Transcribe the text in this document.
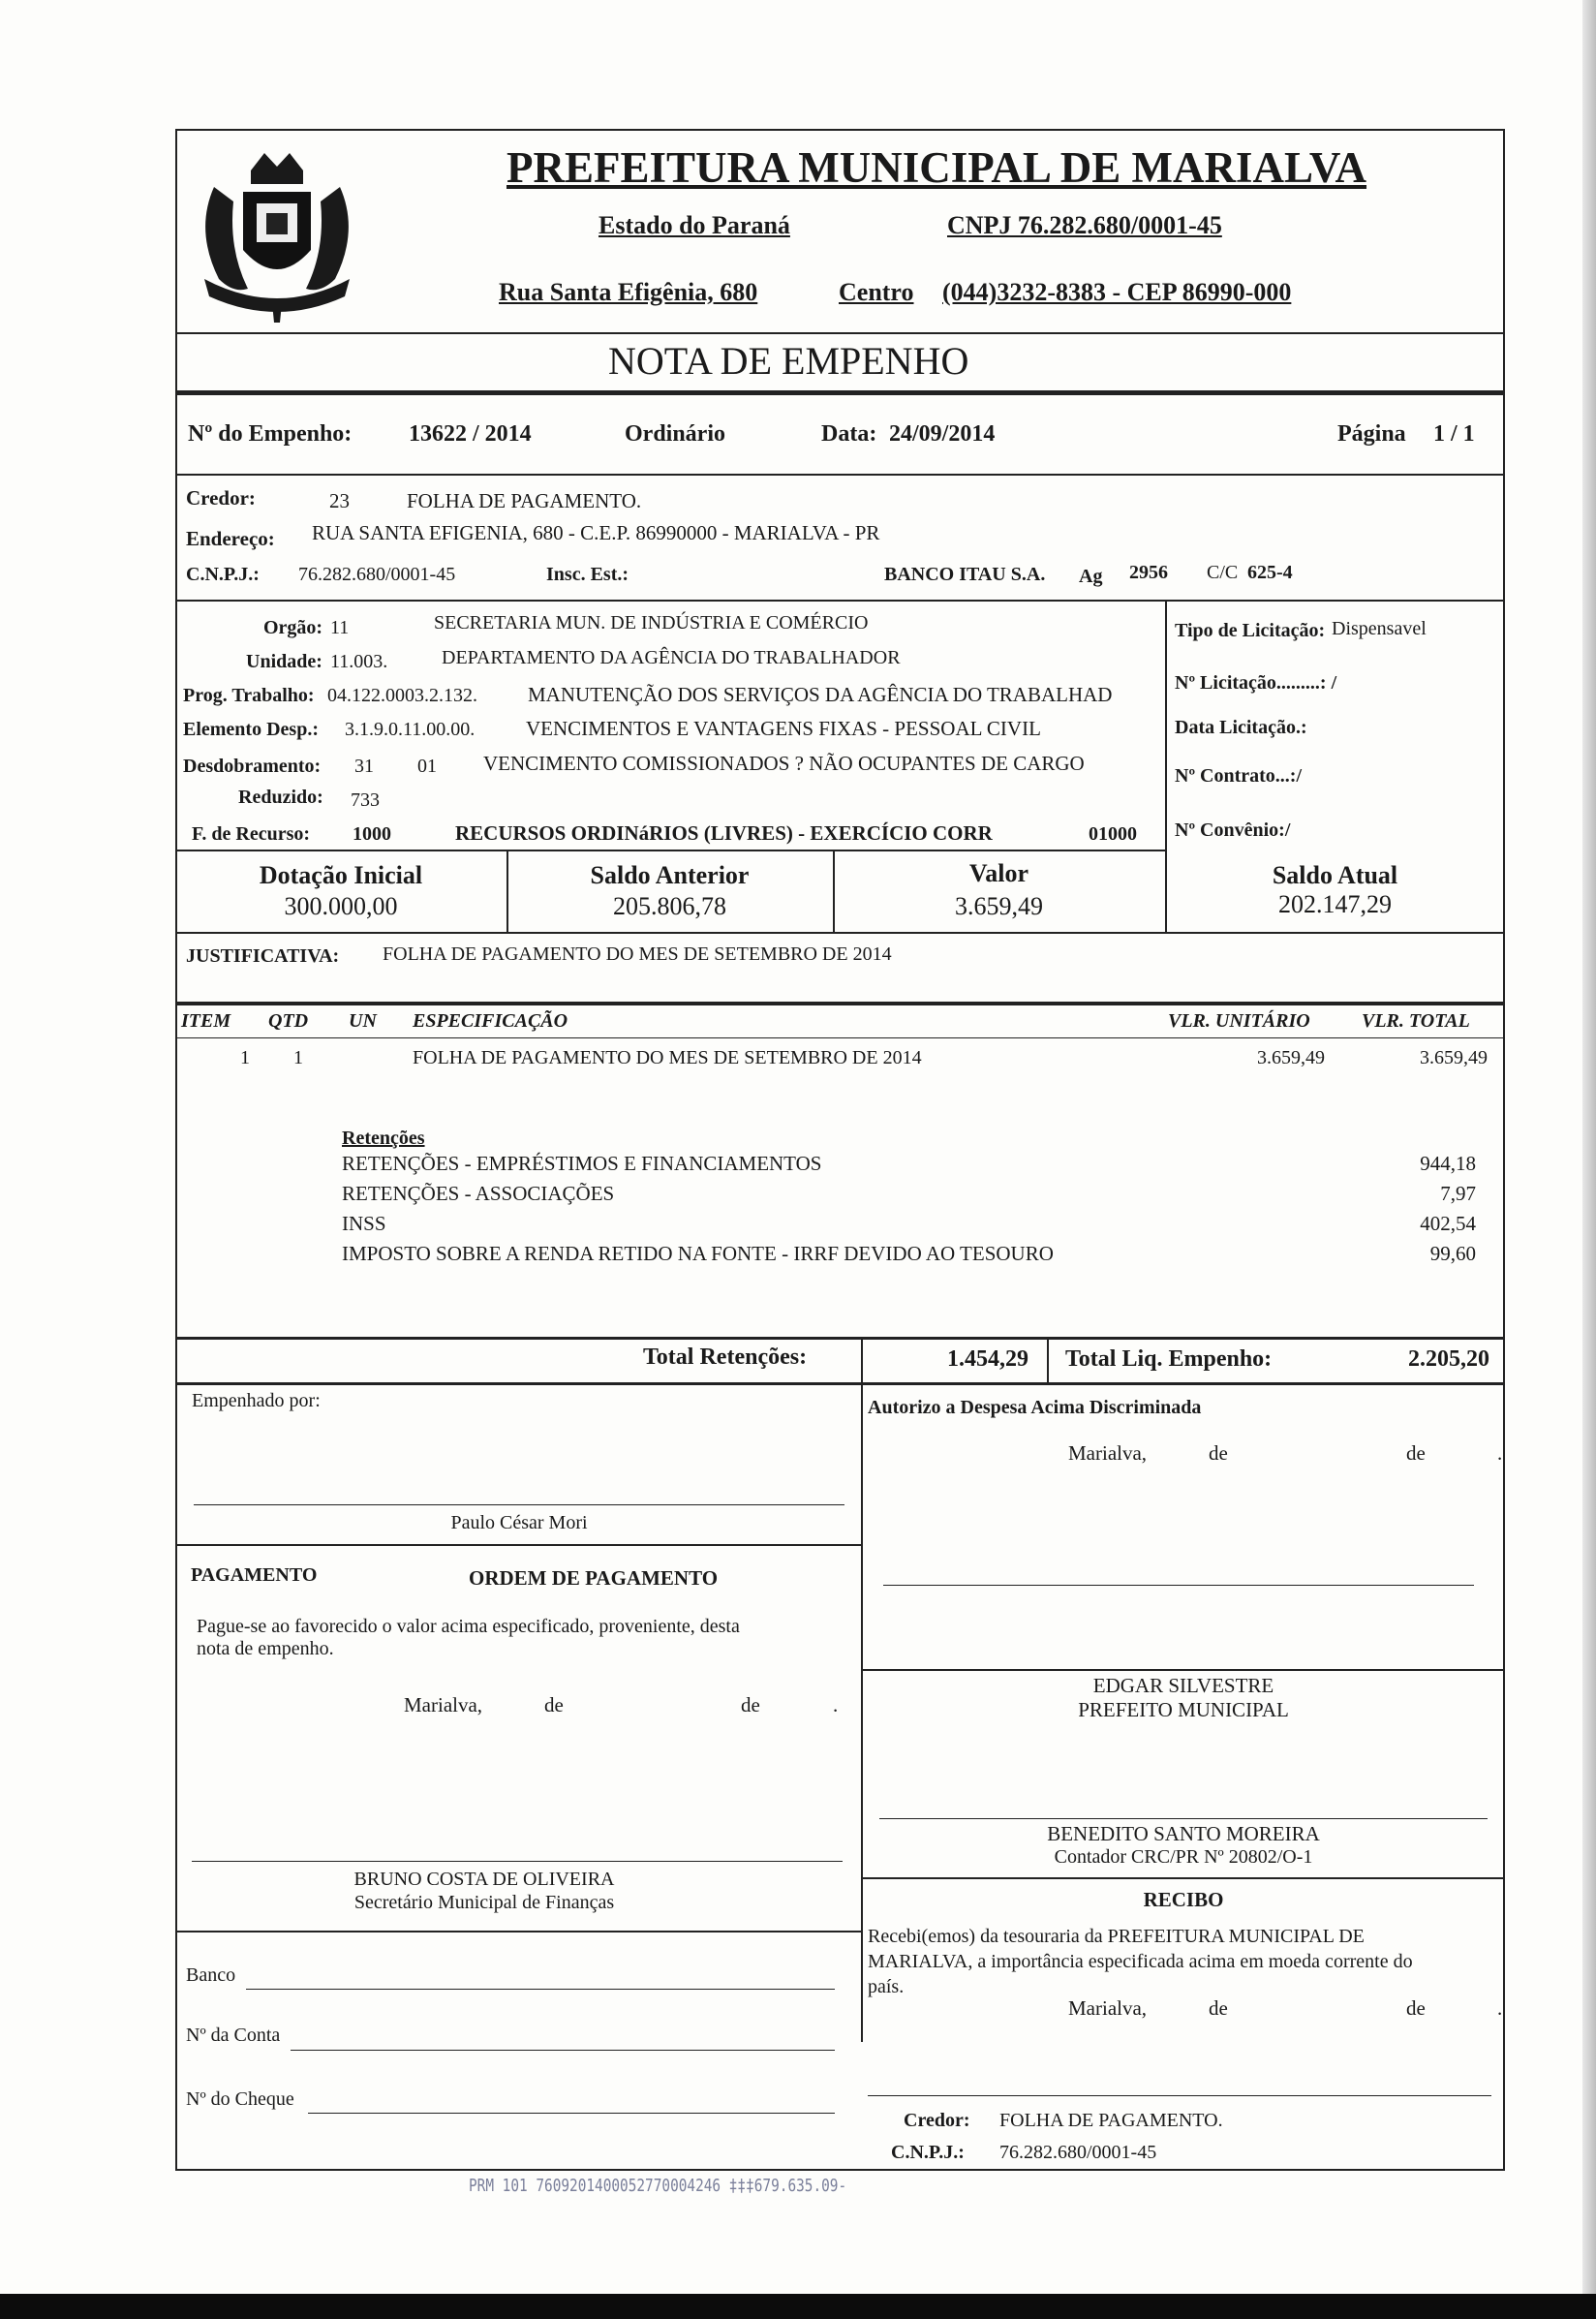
PREFEITURA MUNICIPAL DE MARIALVA
Estado do Paraná	CNPJ 76.282.680/0001-45
Rua Santa Efigênia, 680	Centro (044)3232-8383 - CEP 86990-000
NOTA DE EMPENHO
Nº do Empenho: 13622 / 2014	Ordinário	Data: 24/09/2014	Página 1 / 1
Credor:	23	FOLHA DE PAGAMENTO.
Endereço: RUA SANTA EFIGENIA, 680 - C.E.P. 86990000 - MARIALVA - PR
C.N.P.J.: 76.282.680/0001-45	Insc. Est.:	BANCO ITAU S.A. Ag 2956 C/C 625-4
Orgão: 11	SECRETARIA MUN. DE INDÚSTRIA E COMÉRCIO
Unidade: 11.003.	DEPARTAMENTO DA AGÊNCIA DO TRABALHADOR
Prog. Trabalho: 04.122.0003.2.132. MANUTENÇÃO DOS SERVIÇOS DA AGÊNCIA DO TRABALHAD
Elemento Desp.: 3.1.9.0.11.00.00.	VENCIMENTOS E VANTAGENS FIXAS - PESSOAL CIVIL
Desdobramento: 31 01 VENCIMENTO COMISSIONADOS ? NÃO OCUPANTES DE CARGO
Reduzido: 733
F. de Recurso: 1000	RECURSOS ORDINáRIOS (LIVRES) - EXERCÍCIO CORR	01000
Tipo de Licitação: Dispensavel
Nº Licitação.........: /
Data Licitação.:
Nº Contrato...:/
Nº Convênio:/
Dotação Inicial
300.000,00
Saldo Anterior
205.806,78
Valor
3.659,49
Saldo Atual
202.147,29
JUSTIFICATIVA: FOLHA DE PAGAMENTO DO MES DE SETEMBRO DE 2014
ITEM QTD UN ESPECIFICAÇÃO	VLR. UNITÁRIO	VLR. TOTAL
1 1	FOLHA DE PAGAMENTO DO MES DE SETEMBRO DE 2014	3.659,49	3.659,49
Retenções
RETENÇÕES - EMPRÉSTIMOS E FINANCIAMENTOS	944,18
RETENÇÕES - ASSOCIAÇÕES	7,97
INSS	402,54
IMPOSTO SOBRE A RENDA RETIDO NA FONTE - IRRF DEVIDO AO TESOURO	99,60
Total Retenções:	1.454,29 Total Liq. Empenho:	2.205,20
Empenhado por:
Paulo César Mori
Autorizo a Despesa Acima Discriminada
Marialva,	de	de	.
PAGAMENTO	ORDEM DE PAGAMENTO
Pague-se ao favorecido o valor acima especificado, proveniente, desta
nota de empenho.
Marialva,	de	de	.
EDGAR SILVESTRE
PREFEITO MUNICIPAL
BENEDITO SANTO MOREIRA
Contador CRC/PR Nº 20802/O-1
BRUNO COSTA DE OLIVEIRA
Secretário Municipal de Finanças
Banco
Nº da Conta
Nº do Cheque
RECIBO
Recebi(emos) da tesouraria da PREFEITURA MUNICIPAL DE
MARIALVA, a importância especificada acima em moeda corrente do
país.
Marialva,	de	de	.
Credor: FOLHA DE PAGAMENTO.
C.N.P.J.: 76.282.680/0001-45
PRM 101 7609201400052770004246 ‡‡‡679.635.09-
